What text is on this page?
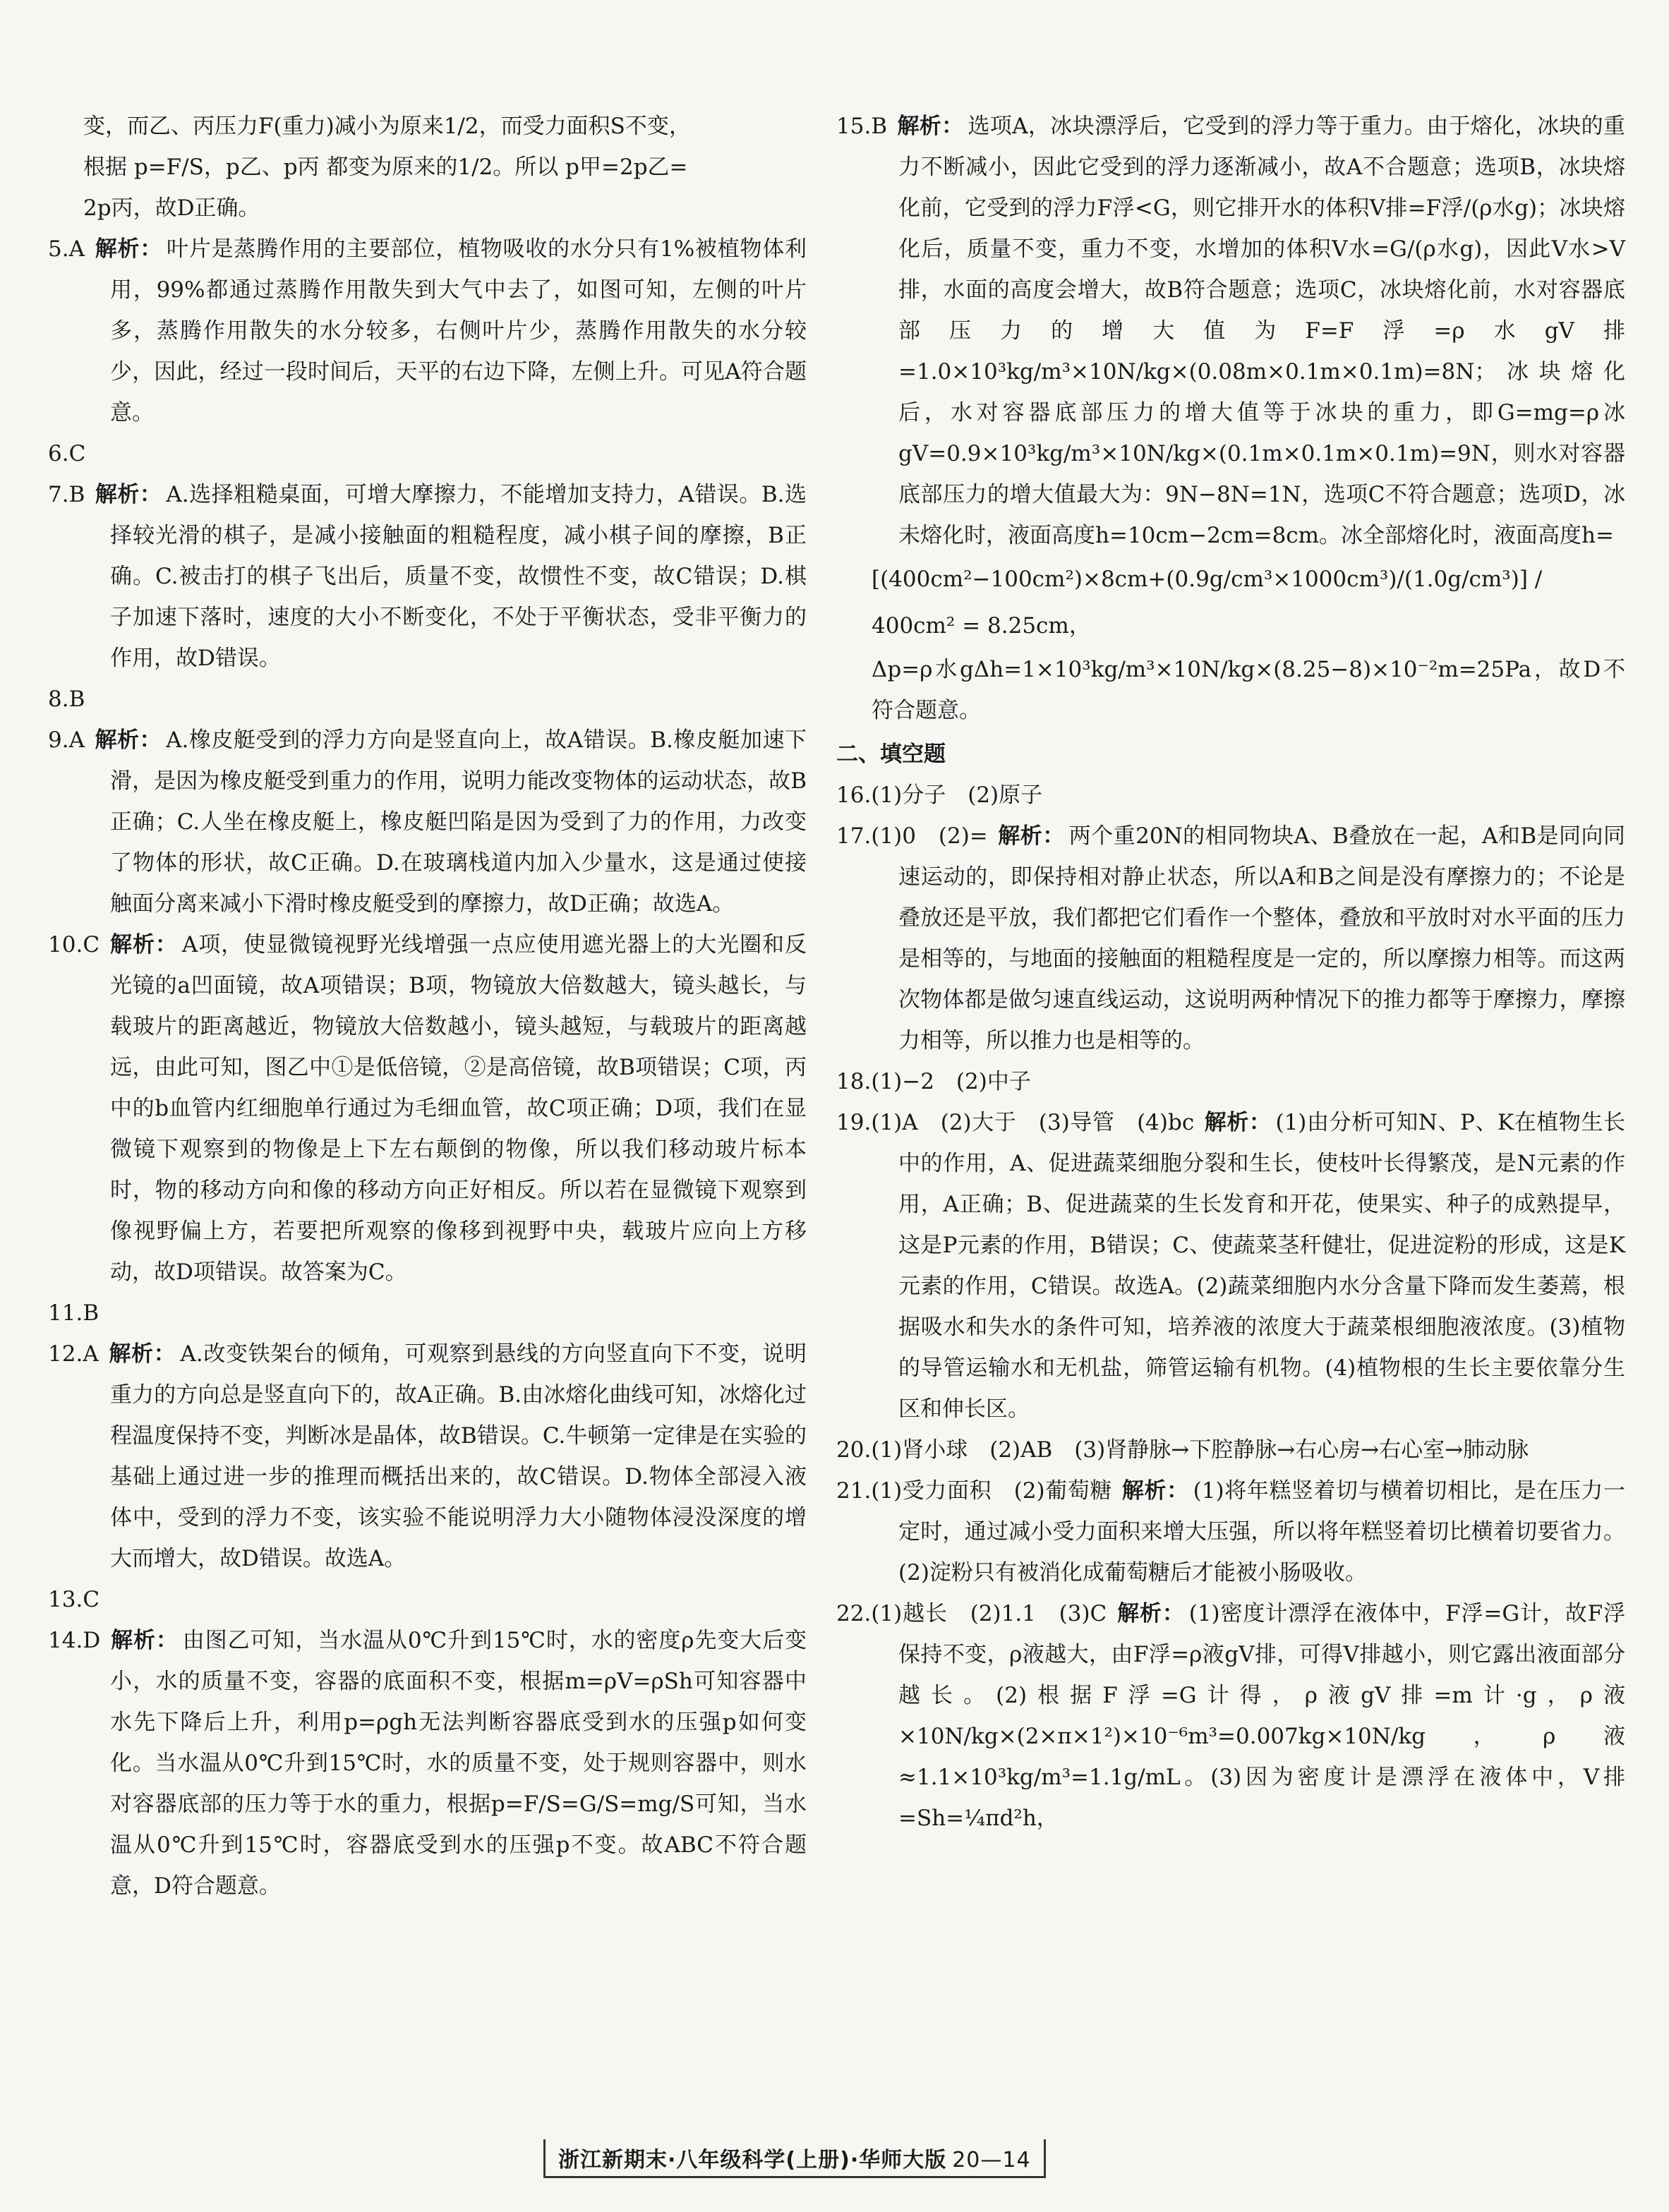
变，而乙、丙压力F(重力)减小为原来1/2，而受力面积S不变，

根据 p=F/S，p乙、p丙 都变为原来的1/2。所以 p甲=2p乙=

2p丙，故D正确。

5.A 解析： 叶片是蒸腾作用的主要部位，植物吸收的水分只有1%被植物体利用，99%都通过蒸腾作用散失到大气中去了，如图可知，左侧的叶片多，蒸腾作用散失的水分较多，右侧叶片少，蒸腾作用散失的水分较少，因此，经过一段时间后，天平的右边下降，左侧上升。可见A符合题意。

6.C

7.B 解析： A.选择粗糙桌面，可增大摩擦力，不能增加支持力，A错误。B.选择较光滑的棋子，是减小接触面的粗糙程度，减小棋子间的摩擦，B正确。C.被击打的棋子飞出后，质量不变，故惯性不变，故C错误；D.棋子加速下落时，速度的大小不断变化，不处于平衡状态，受非平衡力的作用，故D错误。

8.B

9.A 解析： A.橡皮艇受到的浮力方向是竖直向上，故A错误。B.橡皮艇加速下滑，是因为橡皮艇受到重力的作用，说明力能改变物体的运动状态，故B正确；C.人坐在橡皮艇上，橡皮艇凹陷是因为受到了力的作用，力改变了物体的形状，故C正确。D.在玻璃栈道内加入少量水，这是通过使接触面分离来减小下滑时橡皮艇受到的摩擦力，故D正确；故选A。

10.C 解析： A项，使显微镜视野光线增强一点应使用遮光器上的大光圈和反光镜的a凹面镜，故A项错误；B项，物镜放大倍数越大，镜头越长，与载玻片的距离越近，物镜放大倍数越小，镜头越短，与载玻片的距离越远，由此可知，图乙中①是低倍镜，②是高倍镜，故B项错误；C项，丙中的b血管内红细胞单行通过为毛细血管，故C项正确；D项，我们在显微镜下观察到的物像是上下左右颠倒的物像，所以我们移动玻片标本时，物的移动方向和像的移动方向正好相反。所以若在显微镜下观察到像视野偏上方，若要把所观察的像移到视野中央，载玻片应向上方移动，故D项错误。故答案为C。

11.B

12.A 解析： A.改变铁架台的倾角，可观察到悬线的方向竖直向下不变，说明重力的方向总是竖直向下的，故A正确。B.由冰熔化曲线可知，冰熔化过程温度保持不变，判断冰是晶体，故B错误。C.牛顿第一定律是在实验的基础上通过进一步的推理而概括出来的，故C错误。D.物体全部浸入液体中，受到的浮力不变，该实验不能说明浮力大小随物体浸没深度的增大而增大，故D错误。故选A。

13.C

14.D 解析： 由图乙可知，当水温从0℃升到15℃时，水的密度ρ先变大后变小，水的质量不变，容器的底面积不变，根据m=ρV=ρSh可知容器中水先下降后上升，利用p=ρgh无法判断容器底受到水的压强p如何变化。当水温从0℃升到15℃时，水的质量不变，处于规则容器中，则水对容器底部的压力等于水的重力，根据p=F/S=G/S=mg/S可知，当水温从0℃升到15℃时，容器底受到水的压强p不变。故ABC不符合题意，D符合题意。

15.B 解析： 选项A，冰块漂浮后，它受到的浮力等于重力。由于熔化，冰块的重力不断减小，因此它受到的浮力逐渐减小，故A不合题意；选项B，冰块熔化前，它受到的浮力F浮<G，则它排开水的体积V排=F浮/(ρ水g)；冰块熔化后，质量不变，重力不变，水增加的体积V水=G/(ρ水g)，因此V水>V排，水面的高度会增大，故B符合题意；选项C，冰块熔化前，水对容器底部压力的增大值为F=F浮=ρ水gV排=1.0×10³kg/m³×10N/kg×(0.08m×0.1m×0.1m)=8N；冰块熔化后，水对容器底部压力的增大值等于冰块的重力，即G=mg=ρ冰gV=0.9×10³kg/m³×10N/kg×(0.1m×0.1m×0.1m)=9N，则水对容器底部压力的增大值最大为：9N−8N=1N，选项C不符合题意；选项D，冰未熔化时，液面高度h=10cm−2cm=8cm。冰全部熔化时，液面高度h=

[(400cm²−100cm²)×8cm+(0.9g/cm³×1000cm³)/(1.0g/cm³)] / 400cm² = 8.25cm，

Δp=ρ水gΔh=1×10³kg/m³×10N/kg×(8.25−8)×10⁻²m=25Pa，故D不符合题意。

二、填空题

16.(1)分子　(2)原子

17.(1)0　(2)= 解析： 两个重20N的相同物块A、B叠放在一起，A和B是同向同速运动的，即保持相对静止状态，所以A和B之间是没有摩擦力的；不论是叠放还是平放，我们都把它们看作一个整体，叠放和平放时对水平面的压力是相等的，与地面的接触面的粗糙程度是一定的，所以摩擦力相等。而这两次物体都是做匀速直线运动，这说明两种情况下的推力都等于摩擦力，摩擦力相等，所以推力也是相等的。

18.(1)−2　(2)中子

19.(1)A　(2)大于　(3)导管　(4)bc 解析： (1)由分析可知N、P、K在植物生长中的作用，A、促进蔬菜细胞分裂和生长，使枝叶长得繁茂，是N元素的作用，A正确；B、促进蔬菜的生长发育和开花，使果实、种子的成熟提早，这是P元素的作用，B错误；C、使蔬菜茎秆健壮，促进淀粉的形成，这是K元素的作用，C错误。故选A。(2)蔬菜细胞内水分含量下降而发生萎蔫，根据吸水和失水的条件可知，培养液的浓度大于蔬菜根细胞液浓度。(3)植物的导管运输水和无机盐，筛管运输有机物。(4)植物根的生长主要依靠分生区和伸长区。

20.(1)肾小球　(2)AB　(3)肾静脉→下腔静脉→右心房→右心室→肺动脉

21.(1)受力面积　(2)葡萄糖 解析： (1)将年糕竖着切与横着切相比，是在压力一定时，通过减小受力面积来增大压强，所以将年糕竖着切比横着切要省力。(2)淀粉只有被消化成葡萄糖后才能被小肠吸收。

22.(1)越长　(2)1.1　(3)C 解析： (1)密度计漂浮在液体中，F浮=G计，故F浮保持不变，ρ液越大，由F浮=ρ液gV排，可得V排越小，则它露出液面部分越长。(2)根据F浮=G计得，ρ液gV排=m计·g，ρ液×10N/kg×(2×π×1²)×10⁻⁶m³=0.007kg×10N/kg，ρ液≈1.1×10³kg/m³=1.1g/mL。(3)因为密度计是漂浮在液体中，V排=Sh=¼πd²h，

浙江新期末·八年级科学(上册)·华师大版 20—14
